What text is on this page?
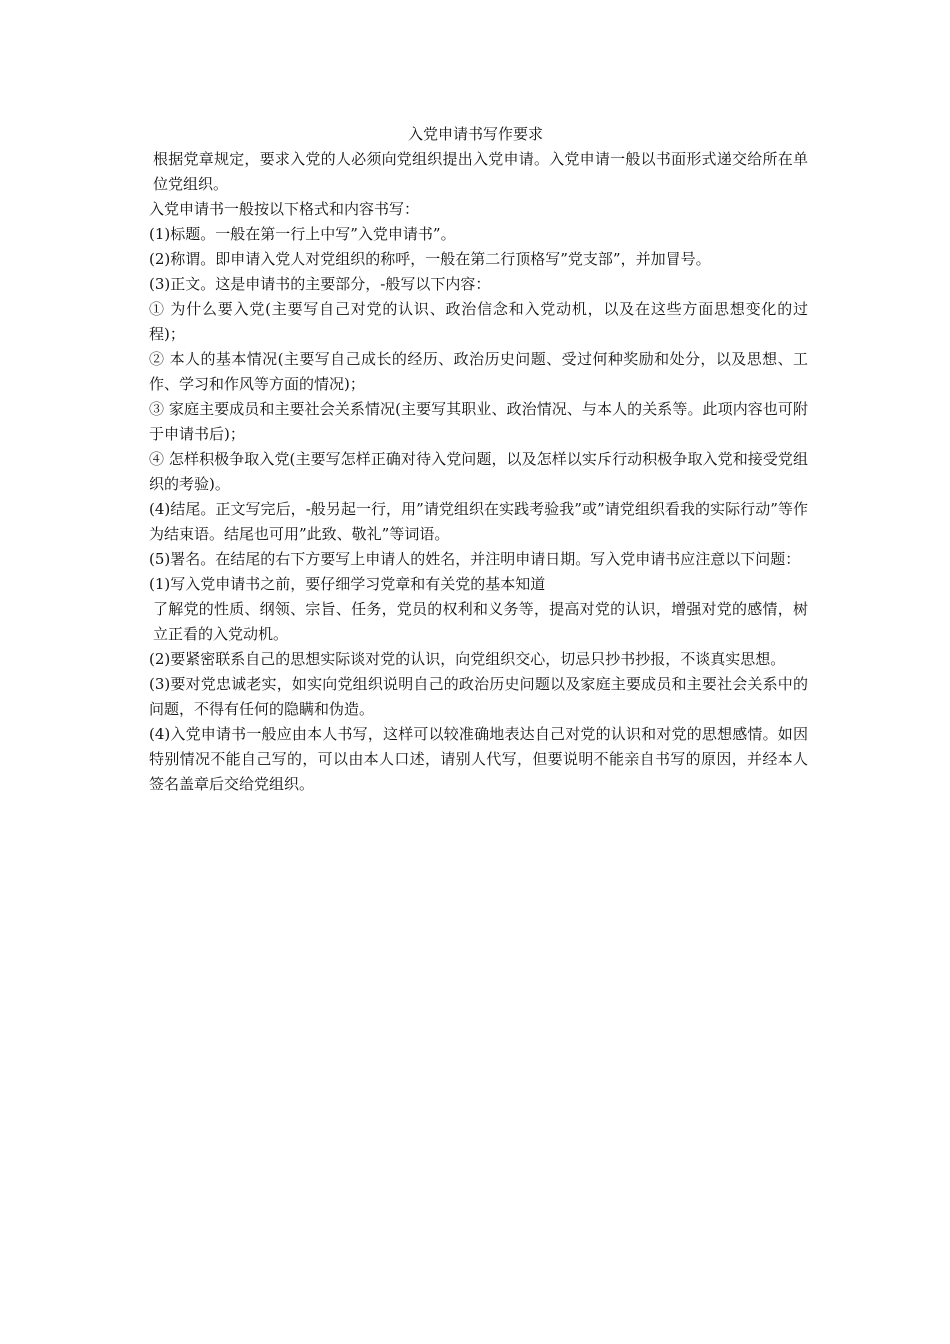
入党申请书写作要求

根据党章规定，要求入党的人必须向党组织提出入党申请。入党申请一般以书面形式递交给所在单位党组织。

入党申请书一般按以下格式和内容书写：

(1)标题。一般在第一行上中写”入党申请书”。

(2)称谓。即申请入党人对党组织的称呼，一般在第二行顶格写”党支部”，并加冒号。

(3)正文。这是申请书的主要部分，-般写以下内容：

① 为什么要入党(主要写自己对党的认识、政治信念和入党动机，以及在这些方面思想变化的过程)；

② 本人的基本情况(主要写自己成长的经历、政治历史问题、受过何种奖励和处分，以及思想、工作、学习和作风等方面的情况)；

③ 家庭主要成员和主要社会关系情况(主要写其职业、政治情况、与本人的关系等。此项内容也可附于申请书后)；

④ 怎样积极争取入党(主要写怎样正确对待入党问题，以及怎样以实斥行动积极争取入党和接受党组织的考验)。

(4)结尾。正文写完后，-般另起一行，用”请党组织在实践考验我”或”请党组织看我的实际行动”等作为结束语。结尾也可用”此致、敬礼”等词语。

(5)署名。在结尾的右下方要写上申请人的姓名，并注明申请日期。写入党申请书应注意以下问题：

(1)写入党申请书之前，要仔细学习党章和有关党的基本知道

了解党的性质、纲领、宗旨、任务，党员的权利和义务等，提高对党的认识，增强对党的感情，树立正看的入党动机。

(2)要紧密联系自己的思想实际谈对党的认识，向党组织交心，切忌只抄书抄报，不谈真实思想。

(3)要对党忠诚老实，如实向党组织说明自己的政治历史问题以及家庭主要成员和主要社会关系中的问题，不得有任何的隐瞒和伪造。

(4)入党申请书一般应由本人书写，这样可以较准确地表达自己对党的认识和对党的思想感情。如因特别情况不能自己写的，可以由本人口述，请别人代写，但要说明不能亲自书写的原因，并经本人签名盖章后交给党组织。
